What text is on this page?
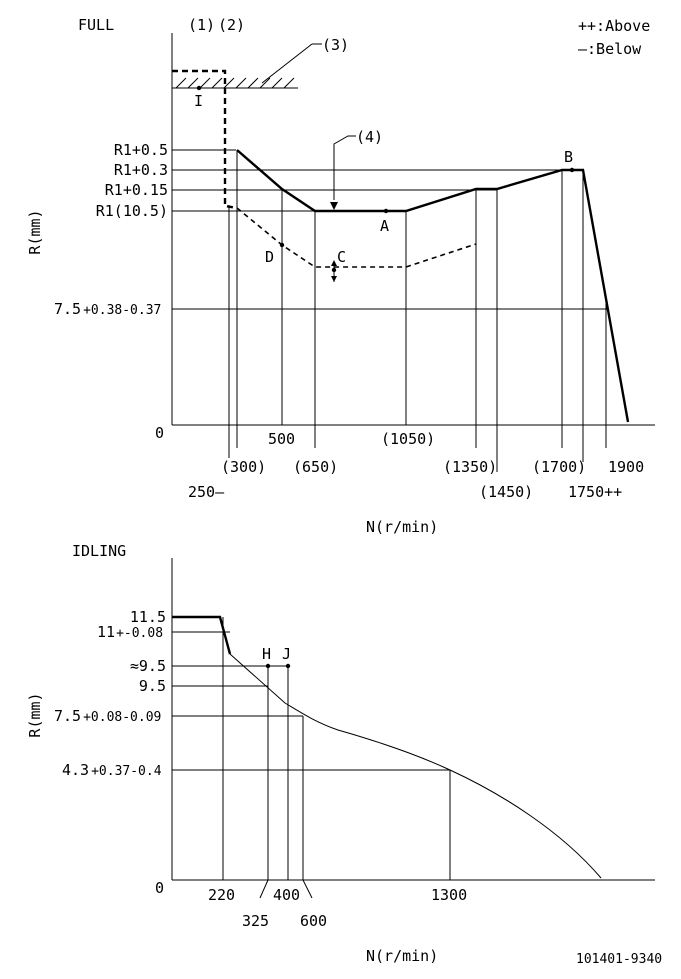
FULL	(1) (2)	++:Above
—:Below
(3)
I
(4)
A
B
C
D
R1+0.5
R1+0.3
R1+0.15
R1(10.5)
7.5 +0.38-0.37
0
R(mm)
250—
(300)
500
(650)
(1050)
(1350)
(1450)
(1700)
1750++
1900
N(r/min)
IDLING
H J
11.5
11+-0.08
≈9.5
9.5
7.5 +0.08-0.09
4.3 +0.37-0.4
0
R(mm)
220
325
400
600
1300
N(r/min)	101401-9340
